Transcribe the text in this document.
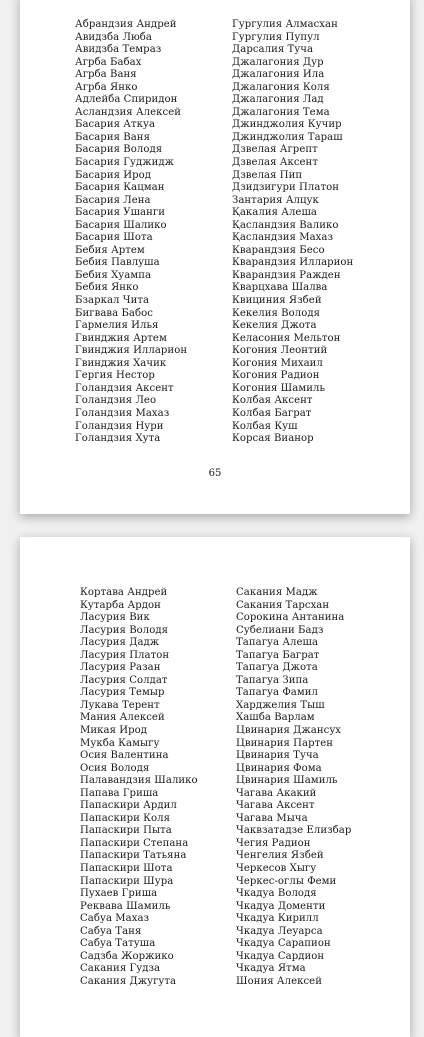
Абрандзия Андрей
Авидзба Люба
Авидзба Темраз
Агрба Бабах
Агрба Ваня
Агрба Янко
Адлейба Спиридон
Асландзия Алексей
Басария Аткуа
Басария Ваня
Басария Володя
Басария Гуджидж
Басария Ирод
Басария Кацман
Басария Лена
Басария Ушанги
Басария Шалико
Басария Шота
Бебия Артем
Бебия Павлуша
Бебия Хуампа
Бебия Янко
Бзаркал Чита
Бигвава Бабос
Гармелия Илья
Гвинджия Артем
Гвинджия Илларион
Гвинджия Хачик
Гергия Нестор
Голандзия Аксент
Голандзия Лео
Голандзия Махаз
Голандзия Нури
Голандзия Хута
Гургулия Алмасхан
Гургулия Пупул
Дарсалия Туча
Джалагония Дур
Джалагония Ила
Джалагония Коля
Джалагония Лад
Джалагония Тема
Джинджолия Кучир
Джинджолия Тараш
Дзвелая Агрепт
Дзвелая Аксент
Дзвелая Пип
Дзидзигури Платон
Зантария Алцук
Қакалия Алеша
Қасландзия Валико
Қасландзия Махаз
Кварандзия Бесо
Кварандзия Илларион
Кварандзия Ражден
Кварцхава Шалва
Квициния Язбей
Кекелия Володя
Кекелия Джота
Келасония Мельтон
Когония Леонтий
Когония Михаил
Когония Радион
Когония Шамиль
Колбая Аксент
Колбая Баграт
Колбая Куш
Корсая Вианор
65
Кортава Андрей
Кутарба Ардон
Ласурия Вик
Ласурия Володя
Ласурия Дадж
Ласурия Платон
Ласурия Разан
Ласурия Солдат
Ласурия Темыр
Лукава Терент
Мания Алексей
Микая Ирод
Мукба Камыгу
Осия Валентина
Осия Володя
Палавандзия Шалико
Папава Гриша
Папаскири Ардил
Папаскири Коля
Папаскири Пыта
Папаскири Степана
Папаскири Татьяна
Папаскири Шота
Папаскири Шура
Пухаев Гриша
Реквава Шамиль
Сабуа Махаз
Сабуа Таня
Сабуа Татуша
Садзба Жоржико
Сакания Гудза
Сакания Джугута
Сакания Мадж
Сакания Тарсхан
Сорокина Антанина
Субелиани Бадз
Тапагуа Алеша
Тапагуа Баграт
Тапагуа Джота
Тапагуа Зипа
Тапагуа Фамил
Харджелия Тыш
Хашба Варлам
Цвинария Джансух
Цвинария Партен
Цвинария Туча
Цвинария Фома
Цвинария Шамиль
Чагава Акакий
Чагава Аксент
Чагава Мыча
Чаквзатадзе Елизбар
Чегия Радион
Ченгелия Язбей
Черкесов Хыгу
Черкес-оглы Феми
Чкадуа Володя
Чкадуа Доменти
Чкадуа Кирилл
Чкадуа Леуарса
Чкадуа Сарапион
Чкадуа Сардион
Чкадуа Ятма
Шония Алексей
